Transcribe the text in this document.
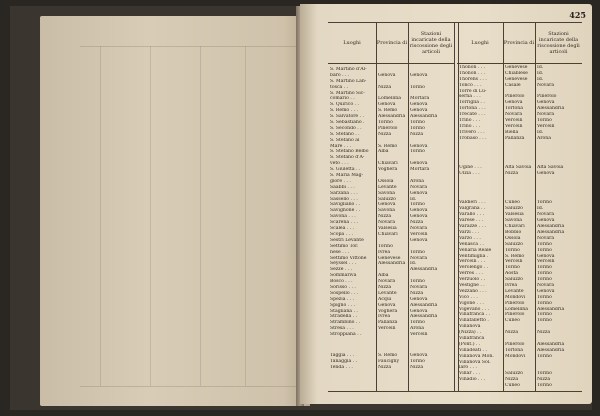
425
Luoghi	Provincia di
Stazioni incaricate della riscossione degli articoli
Luoghi	Provincia di
Stazioni incaricate della riscossione degli articoli
S. Martino d'Al-
baro . . .
S. Martino Lan-
tosca . .
S. Martino Sic-
comario . .
S. Quirico . .
S. Remo . . .
S. Salvatore . .
S. Sebastiano .
S. Secondo . .
S. Stefano . .
S. Stefano al
Mare . . .
S. Stefano Belbo
S. Stefano d'A-
veto . . .
S. Giuletta . .
S. Maria Mag-
giore . . .
Saabbi . . .
Sarzana . . .
Sassello . . .
Savigliano . .
Savignone . .
Savona . . .
Scarena . . .
Scalea . . .
Scopa . . .
Sestri Levante
Settimo Tor.
nese . . .
Settimo Vittone
Seyssel . . .
Sezze . . .
Sommariva
Bosco . . .
Sorisso . . .
Sospello . . .
Spezia . . .
Spigno . . .
Stagliana . .
Stradella . .
Strambino . .
Stresa . . .
Stroppiana . .
Genova
Nizza
Lomellina
Genova
S. Remo
Alessandria
Torino
Pinerolo
Nizza
S. Remo
Alba
Chiavari
Voghera
Ossola
Levante
Savona
Saluzzo
Genova
Savona
Nizza
Novara
Valsesia
Chiavari
Torino
Ivrea
Genevese
Alessandria
Alba
Novara
Nizza
Levante
Acqui
Genova
Voghera
Ivrea
Pallanza
Vercelli
Genova
Torino
Mortara
Genova
Genova
Alessandria
Torino
Torino
Nizza
Genova
Torino
Genova
Mortara
Arona
Novara
Genova
Id.
Torino
Genova
Genova
Nizza
Novara
Vercelli
Genova
Torino
Novara
Id.
Alessandria
Torino
Novara
Nizza
Genova
Alessandria
Genova
Alessandria
Torino
Arona
Vercelli
Taggia . . .
Tanaggia . .
Tenda . . .
S. Remo
Faucigny
Nizza
Genova
Torino
Nizza
Thonon . . .
Thonon . . .
Thorens . . .
Tonco . . .
Torre di Lu-
serna . . .
Torriglia . .
Tortona . . .
Trecate . . .
Trino . . .
Trino . . .
Trivero . . .
Trobaso . . .
Ugine . . .
Ulzia . . .
Valdieri . . .
Valgrana . .
Varallo . . .
Varese . . .
Varazze . . .
Varzi . . .
Varzo . . .
Venasca . .
Venaria Reale
Ventimiglia .
Vercelli . . .
Verolengo . .
Verres . . .
Verzuolo . .
Vestignè . .
Vezzano . . .
Vico . . .
Vigone . . .
Vigevano . . .
Villafranca . .
Villafalletto .
Villanova
(Nizza) . .
Villafranca
(Pont.) . .
Villadeati . .
Villanova Mon.
Villanova Sol.
laro . . .
Villar . . .
Vinadio . . .
Genevese
Chiablese
Genevese
Casale
Pinerolo
Genova
Tortona
Novara
Vercelli
Vercelli
Biella
Pallanza
Alta Savoia
Nizza
Cuneo
Saluzzo
Valsesia
Savona
Chiavari
Bobbio
Ossola
Saluzzo
Torino
S. Remo
Vercelli
Torino
Aosta
Saluzzo
Ivrea
Levante
Mondovì
Pinerolo
Lomellina
Pinerolo
Cuneo
Nizza
Pinerolo
Tortona
Mondovì
Saluzzo
Nizza
Cuneo
Id.
Id.
Id.
Novara
Pinerolo
Genova
Alessandria
Novara
Torino
Vercelli
Id.
Arona
Alta Savoia
Genova
Torino
Id.
Novara
Genova
Alessandria
Alessandria
Novara
Torino
Torino
Genova
Vercelli
Torino
Torino
Torino
Novara
Genova
Torino
Torino
Alessandria
Torino
Torino
Nizza
Alessandria
Alessandria
Torino
Torino
Nizza
Torino
